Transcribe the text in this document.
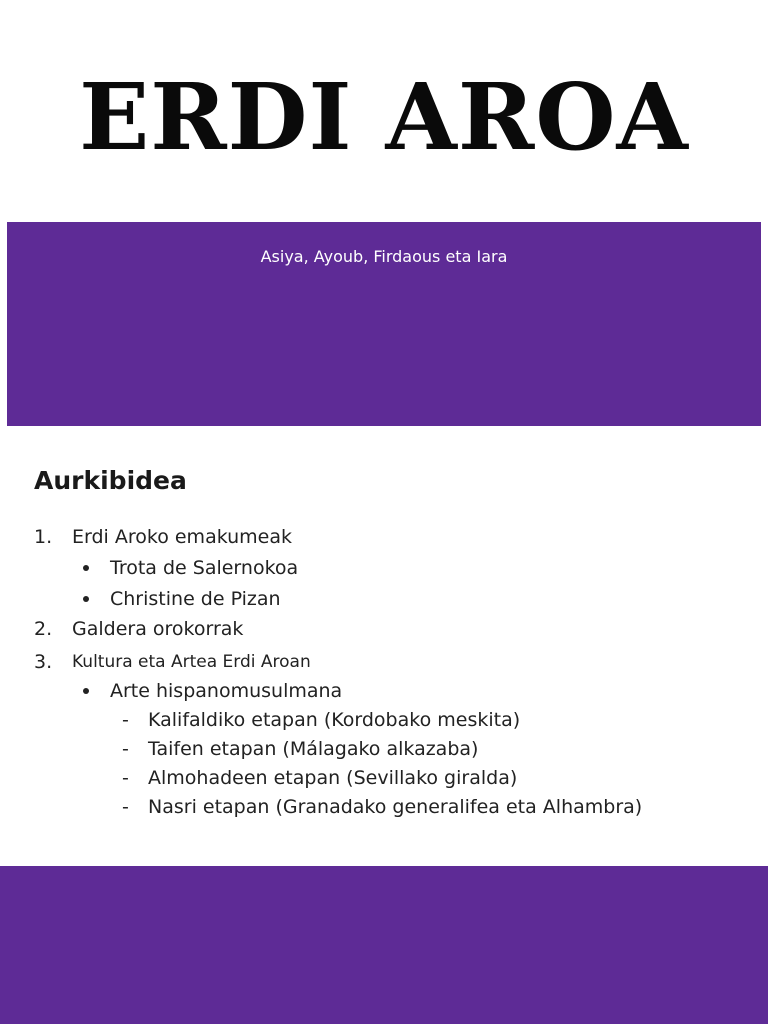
ERDI AROA
Asiya, Ayoub, Firdaous eta Iara
Aurkibidea
1. Erdi Aroko emakumeak
Trota de Salernokoa
Christine de Pizan
2. Galdera orokorrak
3. Kultura eta Artea Erdi Aroan
Arte hispanomusulmana
- Kalifaldiko etapan (Kordobako meskita)
- Taifen etapan (Málagako alkazaba)
- Almohadeen etapan (Sevillako giralda)
- Nasri etapan (Granadako generalifea eta Alhambra)
